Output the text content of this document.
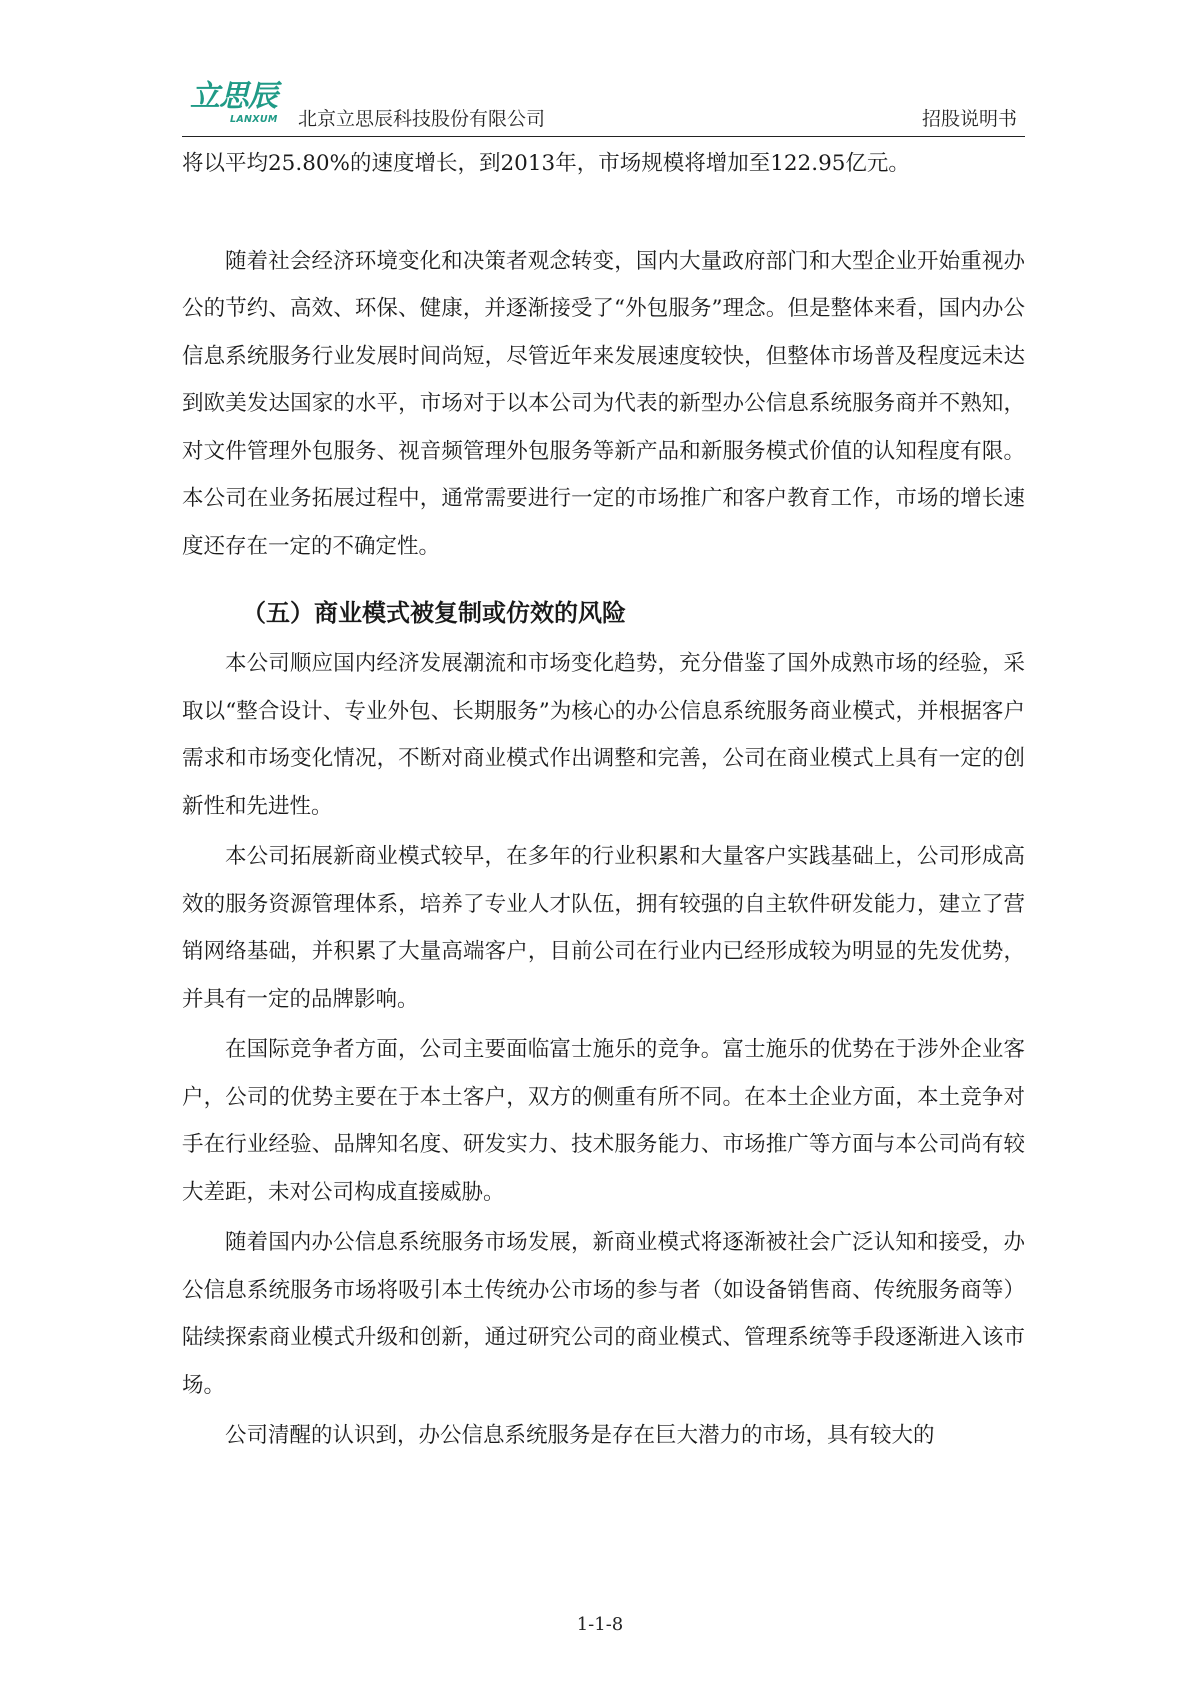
立思辰
LANXUM 北京立思辰科技股份有限公司	招股说明书

将以平均25.80%的速度增长，到2013年，市场规模将增加至122.95亿元。

随着社会经济环境变化和决策者观念转变，国内大量政府部门和大型企业开始重视办公的节约、高效、环保、健康，并逐渐接受了“外包服务”理念。但是整体来看，国内办公信息系统服务行业发展时间尚短，尽管近年来发展速度较快，但整体市场普及程度远未达到欧美发达国家的水平，市场对于以本公司为代表的新型办公信息系统服务商并不熟知，对文件管理外包服务、视音频管理外包服务等新产品和新服务模式价值的认知程度有限。本公司在业务拓展过程中，通常需要进行一定的市场推广和客户教育工作，市场的增长速度还存在一定的不确定性。

（五）商业模式被复制或仿效的风险

本公司顺应国内经济发展潮流和市场变化趋势，充分借鉴了国外成熟市场的经验，采取以“整合设计、专业外包、长期服务”为核心的办公信息系统服务商业模式，并根据客户需求和市场变化情况，不断对商业模式作出调整和完善，公司在商业模式上具有一定的创新性和先进性。

本公司拓展新商业模式较早，在多年的行业积累和大量客户实践基础上，公司形成高效的服务资源管理体系，培养了专业人才队伍，拥有较强的自主软件研发能力，建立了营销网络基础，并积累了大量高端客户，目前公司在行业内已经形成较为明显的先发优势，并具有一定的品牌影响。

在国际竞争者方面，公司主要面临富士施乐的竞争。富士施乐的优势在于涉外企业客户，公司的优势主要在于本土客户，双方的侧重有所不同。在本土企业方面，本土竞争对手在行业经验、品牌知名度、研发实力、技术服务能力、市场推广等方面与本公司尚有较大差距，未对公司构成直接威胁。

随着国内办公信息系统服务市场发展，新商业模式将逐渐被社会广泛认知和接受，办公信息系统服务市场将吸引本土传统办公市场的参与者（如设备销售商、传统服务商等）陆续探索商业模式升级和创新，通过研究公司的商业模式、管理系统等手段逐渐进入该市场。

公司清醒的认识到，办公信息系统服务是存在巨大潜力的市场，具有较大的

1-1-8
